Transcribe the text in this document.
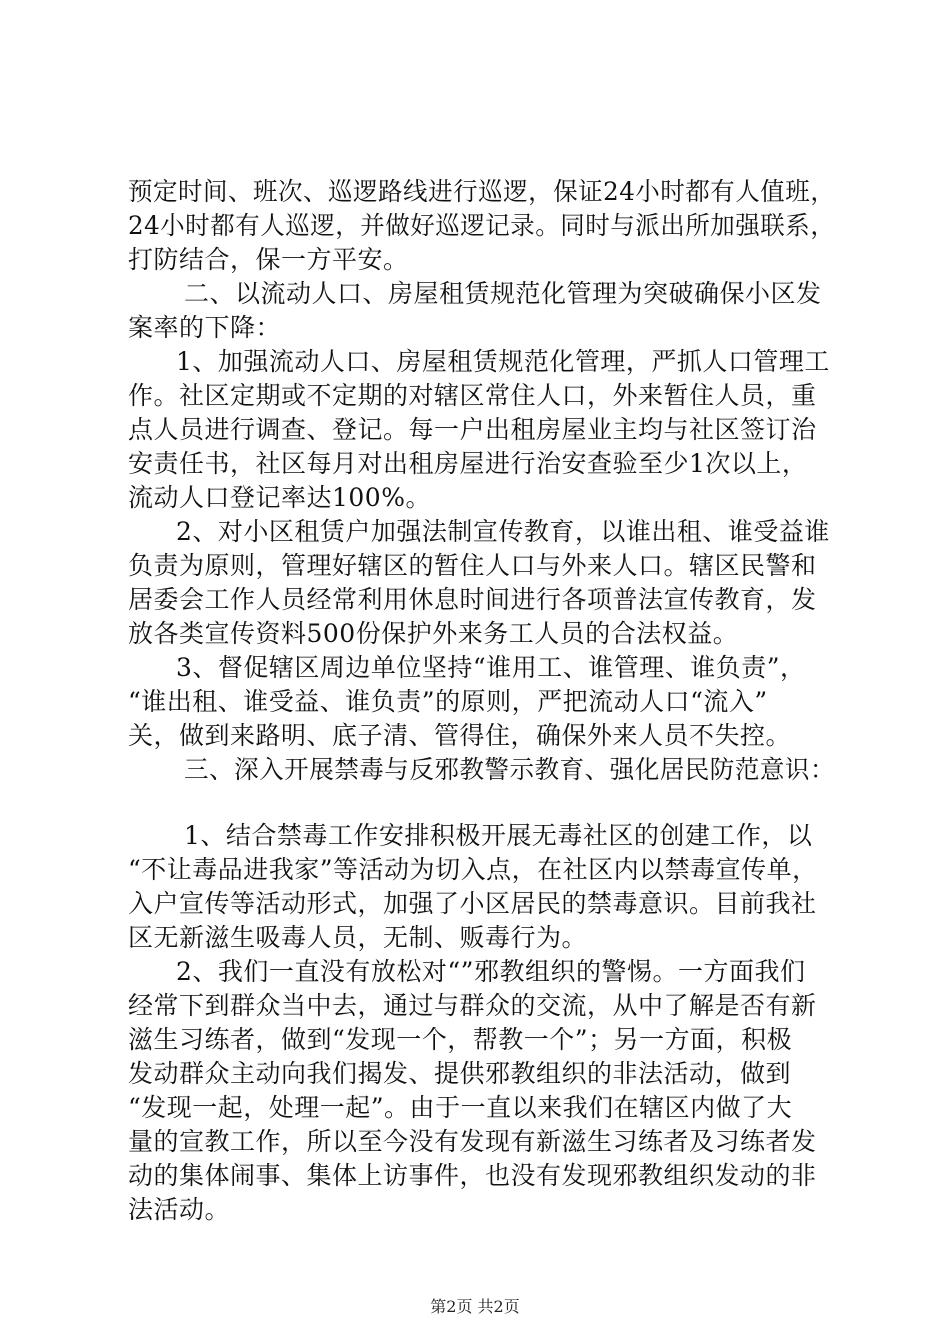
预定时间、班次、巡逻路线进行巡逻，保证24小时都有人值班，
24小时都有人巡逻，并做好巡逻记录。同时与派出所加强联系，
打防结合，保一方平安。
二、以流动人口、房屋租赁规范化管理为突破确保小区发
案率的下降：
1、加强流动人口、房屋租赁规范化管理，严抓人口管理工
作。社区定期或不定期的对辖区常住人口，外来暂住人员，重
点人员进行调查、登记。每一户出租房屋业主均与社区签订治
安责任书，社区每月对出租房屋进行治安查验至少1次以上，
流动人口登记率达100%。
2、对小区租赁户加强法制宣传教育，以谁出租、谁受益谁
负责为原则，管理好辖区的暂住人口与外来人口。辖区民警和
居委会工作人员经常利用休息时间进行各项普法宣传教育，发
放各类宣传资料500份保护外来务工人员的合法权益。
3、督促辖区周边单位坚持“谁用工、谁管理、谁负责”，
“谁出租、谁受益、谁负责”的原则，严把流动人口“流入”
关，做到来路明、底子清、管得住，确保外来人员不失控。
三、深入开展禁毒与反邪教警示教育、强化居民防范意识：
1、结合禁毒工作安排积极开展无毒社区的创建工作，以
“不让毒品进我家”等活动为切入点，在社区内以禁毒宣传单，
入户宣传等活动形式，加强了小区居民的禁毒意识。目前我社
区无新滋生吸毒人员，无制、贩毒行为。
2、我们一直没有放松对“”邪教组织的警惕。一方面我们
经常下到群众当中去，通过与群众的交流，从中了解是否有新
滋生习练者，做到“发现一个，帮教一个”；另一方面，积极
发动群众主动向我们揭发、提供邪教组织的非法活动，做到
“发现一起，处理一起”。由于一直以来我们在辖区内做了大
量的宣教工作，所以至今没有发现有新滋生习练者及习练者发
动的集体闹事、集体上访事件，也没有发现邪教组织发动的非
法活动。
第2页 共2页
